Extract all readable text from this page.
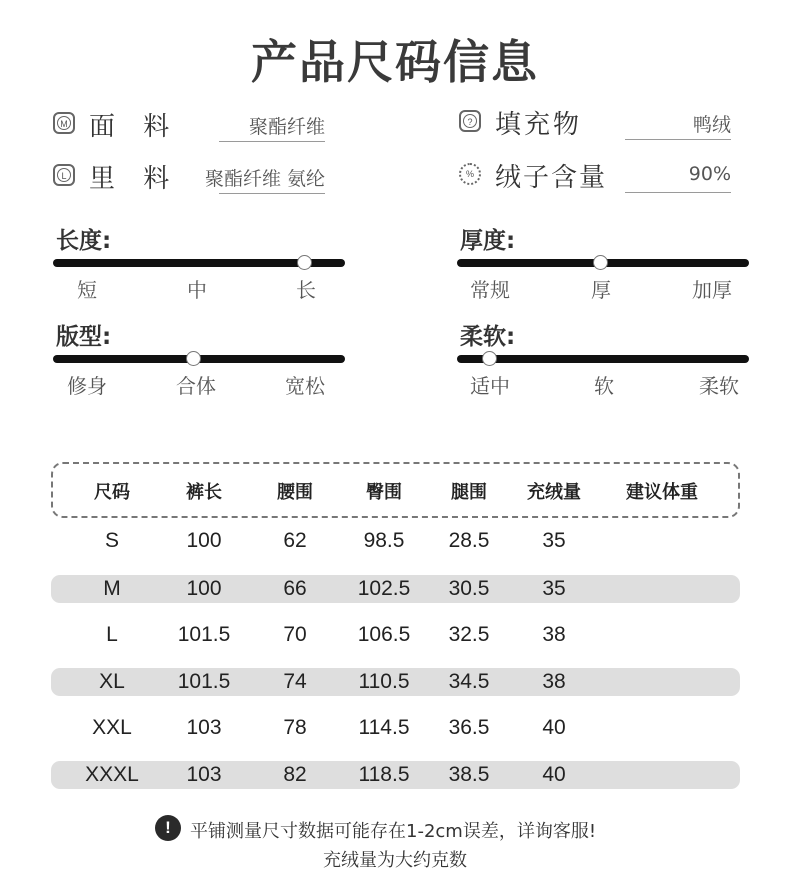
产品尺码信息
M 面 料	聚酯纤维	? 填充物	鸭绒
L 里 料 聚酯纤维 氨纶	% 绒子含量	90%
长度:
短	中	长
厚度:
常规	厚	加厚
版型:
修身	合体	宽松
柔软:
适中	软	柔软
尺码	裤长	腰围	臀围	腿围 充绒量	建议体重
S	100	62	98.5 28.5	35
M	100	66 102.5 30.5	35
L	101.5	70 106.5 32.5	38
XL	101.5	74 110.5 34.5	38
XXL	103	78 114.5 36.5	40
XXXL 103	82 118.5 38.5	40
!	平铺测量尺寸数据可能存在1-2cm误差，详询客服!
充绒量为大约克数
